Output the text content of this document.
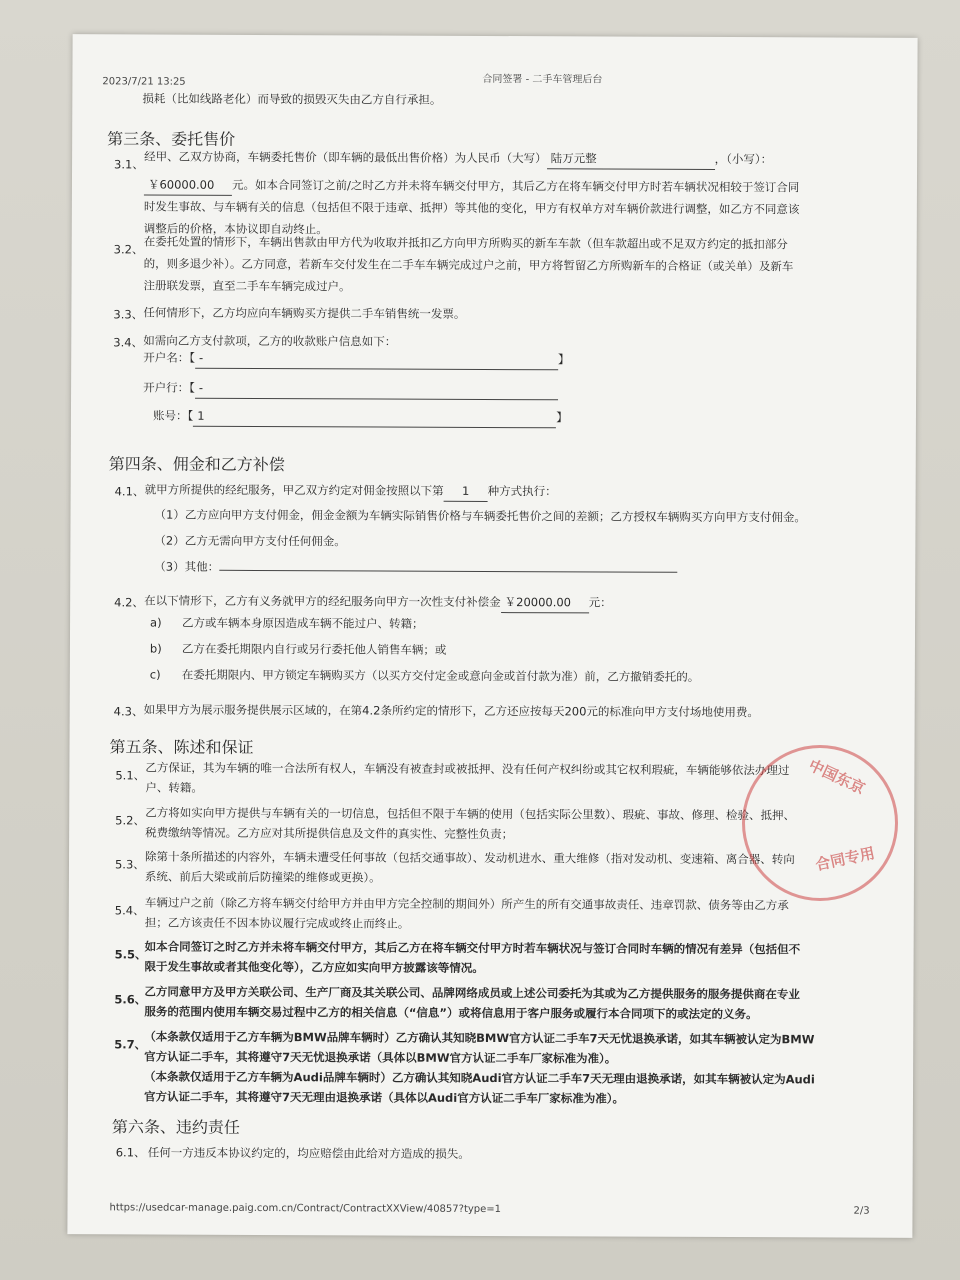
2023/7/21 13:25	合同签署 - 二手车管理后台
损耗（比如线路老化）而导致的损毁灭失由乙方自行承担。
第三条、委托售价
3.1、 经甲、乙双方协商，车辆委托售价（即车辆的最低出售价格）为人民币（大写） 陆万元整	，（小写）：
￥60000.00 元。如本合同签订之前/之时乙方并未将车辆交付甲方，其后乙方在将车辆交付甲方时若车辆状况相较于签订合同
时发生事故、与车辆有关的信息（包括但不限于违章、抵押）等其他的变化，甲方有权单方对车辆价款进行调整，如乙方不同意该
调整后的价格，本协议即自动终止。
3.2、 在委托处置的情形下，车辆出售款由甲方代为收取并抵扣乙方向甲方所购买的新车车款（但车款超出或不足双方约定的抵扣部分
的，则多退少补）。乙方同意，若新车交付发生在二手车车辆完成过户之前，甲方将暂留乙方所购新车的合格证（或关单）及新车
注册联发票，直至二手车车辆完成过户。
3.3、 任何情形下，乙方均应向车辆购买方提供二手车销售统一发票。
3.4、 如需向乙方支付款项，乙方的收款账户信息如下：
开户名：【 -	】
开户行：【 -
账号：【 1	】
第四条、佣金和乙方补偿
4.1、 就甲方所提供的经纪服务，甲乙双方约定对佣金按照以下第 1 种方式执行：
（1）乙方应向甲方支付佣金，佣金金额为车辆实际销售价格与车辆委托售价之间的差额；乙方授权车辆购买方向甲方支付佣金。
（2）乙方无需向甲方支付任何佣金。
（3）其他：
4.2、 在以下情形下，乙方有义务就甲方的经纪服务向甲方一次性支付补偿金 ￥20000.00 元：
a) 乙方或车辆本身原因造成车辆不能过户、转籍；
b) 乙方在委托期限内自行或另行委托他人销售车辆；或
c) 在委托期限内、甲方锁定车辆购买方（以买方交付定金或意向金或首付款为准）前，乙方撤销委托的。
4.3、 如果甲方为展示服务提供展示区域的，在第4.2条所约定的情形下，乙方还应按每天200元的标准向甲方支付场地使用费。
第五条、陈述和保证
5.1、 乙方保证，其为车辆的唯一合法所有权人，车辆没有被查封或被抵押、没有任何产权纠纷或其它权利瑕疵，车辆能够依法办理过
户、转籍。
5.2、 乙方将如实向甲方提供与车辆有关的一切信息，包括但不限于车辆的使用（包括实际公里数）、瑕疵、事故、修理、检验、抵押、
税费缴纳等情况。乙方应对其所提供信息及文件的真实性、完整性负责；
5.3、 除第十条所描述的内容外，车辆未遭受任何事故（包括交通事故）、发动机进水、重大维修（指对发动机、变速箱、离合器、转向
系统、前后大梁或前后防撞梁的维修或更换）。
5.4、 车辆过户之前（除乙方将车辆交付给甲方并由甲方完全控制的期间外）所产生的所有交通事故责任、违章罚款、债务等由乙方承
担；乙方该责任不因本协议履行完成或终止而终止。
5.5、
如本合同签订之时乙方并未将车辆交付甲方，其后乙方在将车辆交付甲方时若车辆状况与签订合同时车辆的情况有差异（包括但不
限于发生事故或者其他变化等），乙方应如实向甲方披露该等情况。
5.6、
乙方同意甲方及甲方关联公司、生产厂商及其关联公司、品牌网络成员或上述公司委托为其或为乙方提供服务的服务提供商在专业
服务的范围内使用车辆交易过程中乙方的相关信息（“信息”）或将信息用于客户服务或履行本合同项下的或法定的义务。
5.7、
（本条款仅适用于乙方车辆为BMW品牌车辆时）乙方确认其知晓BMW官方认证二手车7天无忧退换承诺，如其车辆被认定为BMW
官方认证二手车，其将遵守7天无忧退换承诺（具体以BMW官方认证二手车厂家标准为准）。
（本条款仅适用于乙方车辆为Audi品牌车辆时）乙方确认其知晓Audi官方认证二手车7天无理由退换承诺，如其车辆被认定为Audi
官方认证二手车，其将遵守7天无理由退换承诺（具体以Audi官方认证二手车厂家标准为准）。
第六条、违约责任
6.1、 任何一方违反本协议约定的，均应赔偿由此给对方造成的损失。
https://usedcar-manage.paig.com.cn/Contract/ContractXXView/40857?type=1	2/3
中国东京
合同专用
